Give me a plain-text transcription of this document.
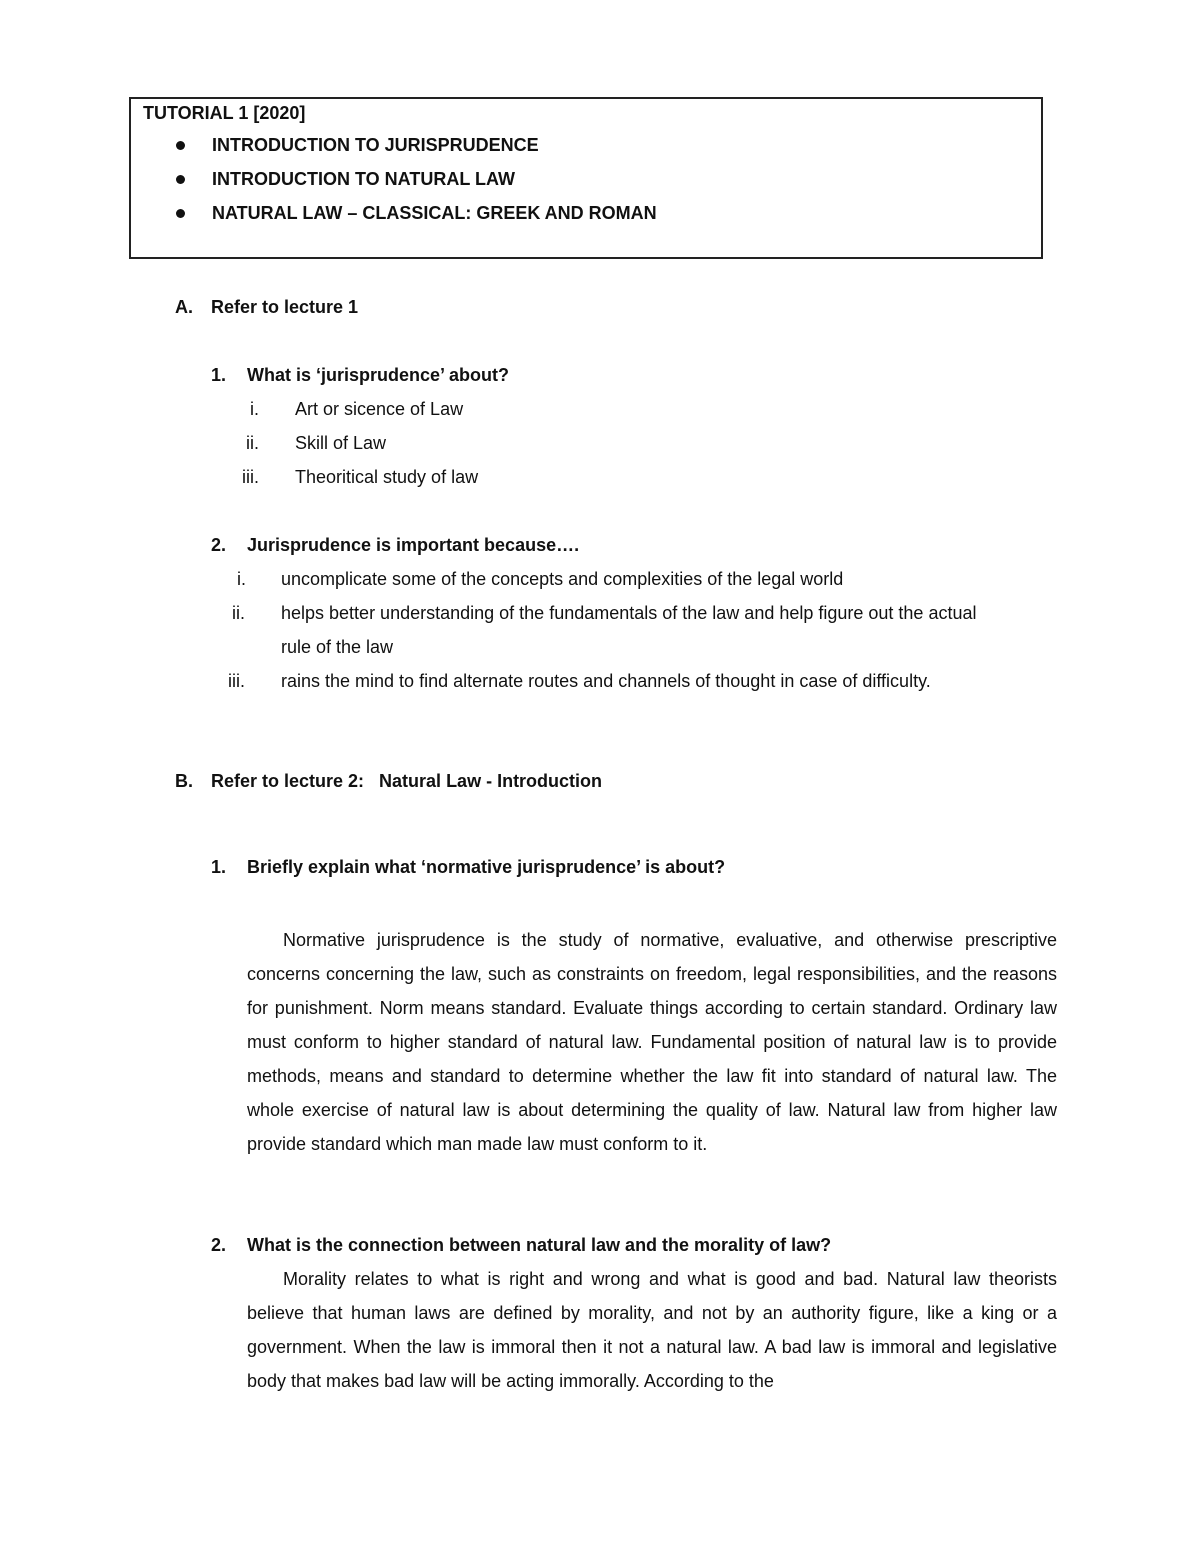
TUTORIAL 1 [2020]
INTRODUCTION TO JURISPRUDENCE
INTRODUCTION TO NATURAL LAW
NATURAL LAW – CLASSICAL: GREEK AND ROMAN
A. Refer to lecture 1
1. What is ‘jurisprudence’ about?
i. Art or sicence of Law
ii. Skill of Law
iii. Theoritical study of law
2. Jurisprudence is important because….
i. uncomplicate some of the concepts and complexities of the legal world
ii. helps better understanding of the fundamentals of the law and help figure out the actual
rule of the law
iii. rains the mind to find alternate routes and channels of thought in case of difficulty.
B. Refer to lecture 2:   Natural Law - Introduction
1. Briefly explain what ‘normative jurisprudence’ is about?
Normative jurisprudence is the study of normative, evaluative, and otherwise prescriptive concerns concerning the law, such as constraints on freedom, legal responsibilities, and the reasons for punishment. Norm means standard. Evaluate things according to certain standard. Ordinary law must conform to higher standard of natural law. Fundamental position of natural law is to provide methods, means and standard to determine whether the law fit into standard of natural law. The whole exercise of natural law is about determining the quality of law. Natural law from higher law provide standard which man made law must conform to it.
2. What is the connection between natural law and the morality of law?
Morality relates to what is right and wrong and what is good and bad. Natural law theorists believe that human laws are defined by morality, and not by an authority figure, like a king or a government. When the law is immoral then it not a natural law. A bad law is immoral and legislative body that makes bad law will be acting immorally. According to the
